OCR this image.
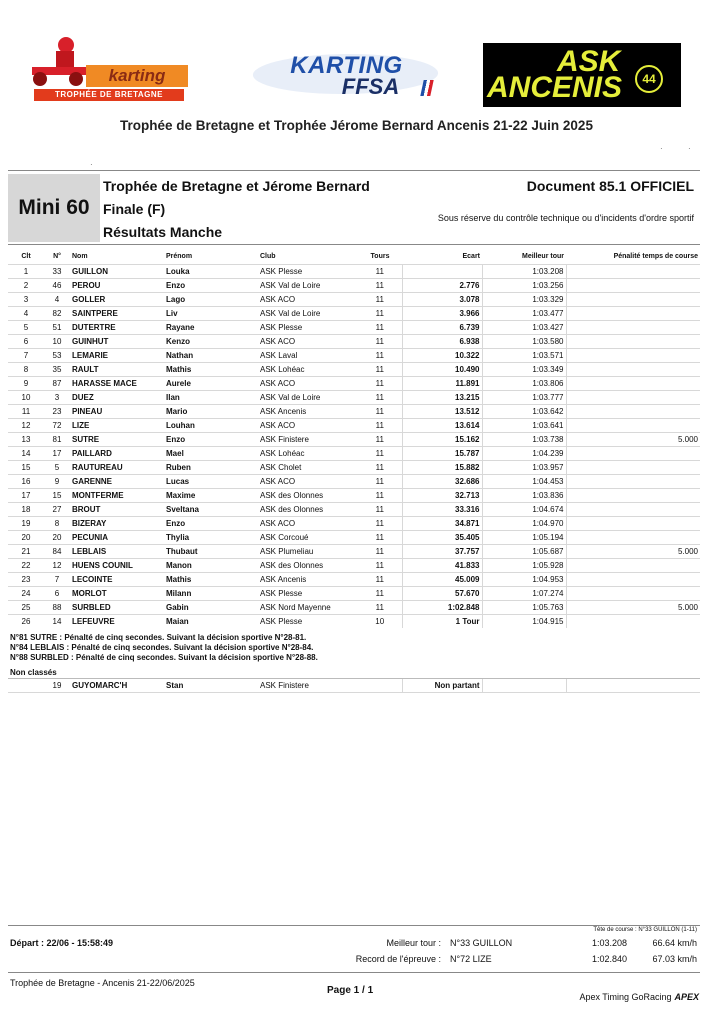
karting
TROPHÉE DE BRETAGNE
KARTING
FFSA
ASK
ANCENIS	44
Trophée de Bretagne et Trophée Jérome Bernard Ancenis 21-22 Juin 2025
·
·	·
Mini 60
Trophée de Bretagne et Jérome Bernard
Finale (F)
Résultats Manche
Document 85.1 OFFICIEL
Sous réserve du contrôle technique ou d'incidents d'ordre sportif
Clt	N°	Nom	Prénom	Club	Tours	Ecart	Meilleur tour	Pénalité temps de course
1	33	GUILLON	Louka	ASK Plesse	11		1:03.208	
2	46	PEROU	Enzo	ASK Val de Loire	11	2.776	1:03.256	
3	4	GOLLER	Lago	ASK ACO	11	3.078	1:03.329	
4	82	SAINTPERE	Liv	ASK Val de Loire	11	3.966	1:03.477	
5	51	DUTERTRE	Rayane	ASK Plesse	11	6.739	1:03.427	
6	10	GUINHUT	Kenzo	ASK ACO	11	6.938	1:03.580	
7	53	LEMARIE	Nathan	ASK Laval	11	10.322	1:03.571	
8	35	RAULT	Mathis	ASK Lohéac	11	10.490	1:03.349	
9	87	HARASSE MACE	Aurele	ASK ACO	11	11.891	1:03.806	
10	3	DUEZ	Ilan	ASK Val de Loire	11	13.215	1:03.777	
11	23	PINEAU	Mario	ASK Ancenis	11	13.512	1:03.642	
12	72	LIZE	Louhan	ASK ACO	11	13.614	1:03.641	
13	81	SUTRE	Enzo	ASK Finistere	11	15.162	1:03.738	5.000
14	17	PAILLARD	Mael	ASK Lohéac	11	15.787	1:04.239	
15	5	RAUTUREAU	Ruben	ASK Cholet	11	15.882	1:03.957	
16	9	GARENNE	Lucas	ASK ACO	11	32.686	1:04.453	
17	15	MONTFERME	Maxime	ASK des Olonnes	11	32.713	1:03.836	
18	27	BROUT	Sveltana	ASK des Olonnes	11	33.316	1:04.674	
19	8	BIZERAY	Enzo	ASK ACO	11	34.871	1:04.970	
20	20	PECUNIA	Thylia	ASK Corcoué	11	35.405	1:05.194	
21	84	LEBLAIS	Thubaut	ASK Plumeliau	11	37.757	1:05.687	5.000
22	12	HUENS COUNIL	Manon	ASK des Olonnes	11	41.833	1:05.928	
23	7	LECOINTE	Mathis	ASK Ancenis	11	45.009	1:04.953	
24	6	MORLOT	Milann	ASK Plesse	11	57.670	1:07.274	
25	88	SURBLED	Gabin	ASK Nord Mayenne	11	1:02.848	1:05.763	5.000
26	14	LEFEUVRE	Maian	ASK Plesse	10	1 Tour	1:04.915	
N°81 SUTRE : Pénalté de cinq secondes. Suivant la décision sportive N°28-81.
N°84 LEBLAIS : Pénalté de cinq secondes. Suivant la décision sportive N°28-84.
N°88 SURBLED : Pénalté de cinq secondes. Suivant la décision sportive N°28-88.
Non classés
	19	GUYOMARC'H	Stan	ASK Finistere		Non partant		
Tête de course : N°33 GUILLON (1-11)
Départ : 22/06 - 15:58:49	Meilleur tour : N°33 GUILLON	1:03.208	66.64 km/h
Record de l'épreuve : N°72 LIZE	1:02.840	67.03 km/h
Trophée de Bretagne - Ancenis 21-22/06/2025
Page 1 / 1
Apex Timing GoRacing APEX
